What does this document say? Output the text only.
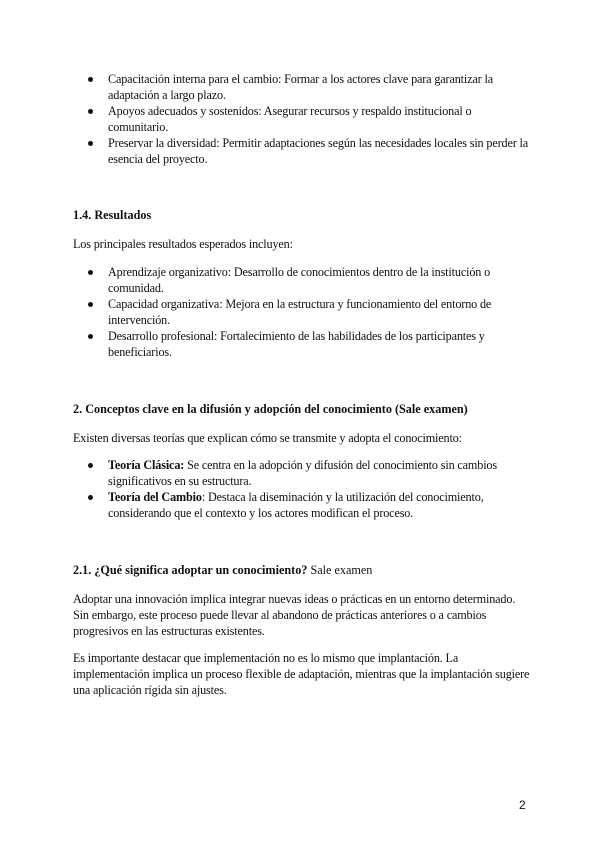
Capacitación interna para el cambio: Formar a los actores clave para garantizar la adaptación a largo plazo.
Apoyos adecuados y sostenidos: Asegurar recursos y respaldo institucional o comunitario.
Preservar la diversidad: Permitir adaptaciones según las necesidades locales sin perder la esencia del proyecto.
1.4. Resultados
Los principales resultados esperados incluyen:
Aprendizaje organizativo: Desarrollo de conocimientos dentro de la institución o comunidad.
Capacidad organizativa: Mejora en la estructura y funcionamiento del entorno de intervención.
Desarrollo profesional: Fortalecimiento de las habilidades de los participantes y beneficiarios.
2. Conceptos clave en la difusión y adopción del conocimiento (Sale examen)
Existen diversas teorías que explican cómo se transmite y adopta el conocimiento:
Teoría Clásica: Se centra en la adopción y difusión del conocimiento sin cambios significativos en su estructura.
Teoría del Cambio: Destaca la diseminación y la utilización del conocimiento, considerando que el contexto y los actores modifican el proceso.
2.1. ¿Qué significa adoptar un conocimiento? Sale examen
Adoptar una innovación implica integrar nuevas ideas o prácticas en un entorno determinado. Sin embargo, este proceso puede llevar al abandono de prácticas anteriores o a cambios progresivos en las estructuras existentes.
Es importante destacar que implementación no es lo mismo que implantación. La implementación implica un proceso flexible de adaptación, mientras que la implantación sugiere una aplicación rígida sin ajustes.
2
